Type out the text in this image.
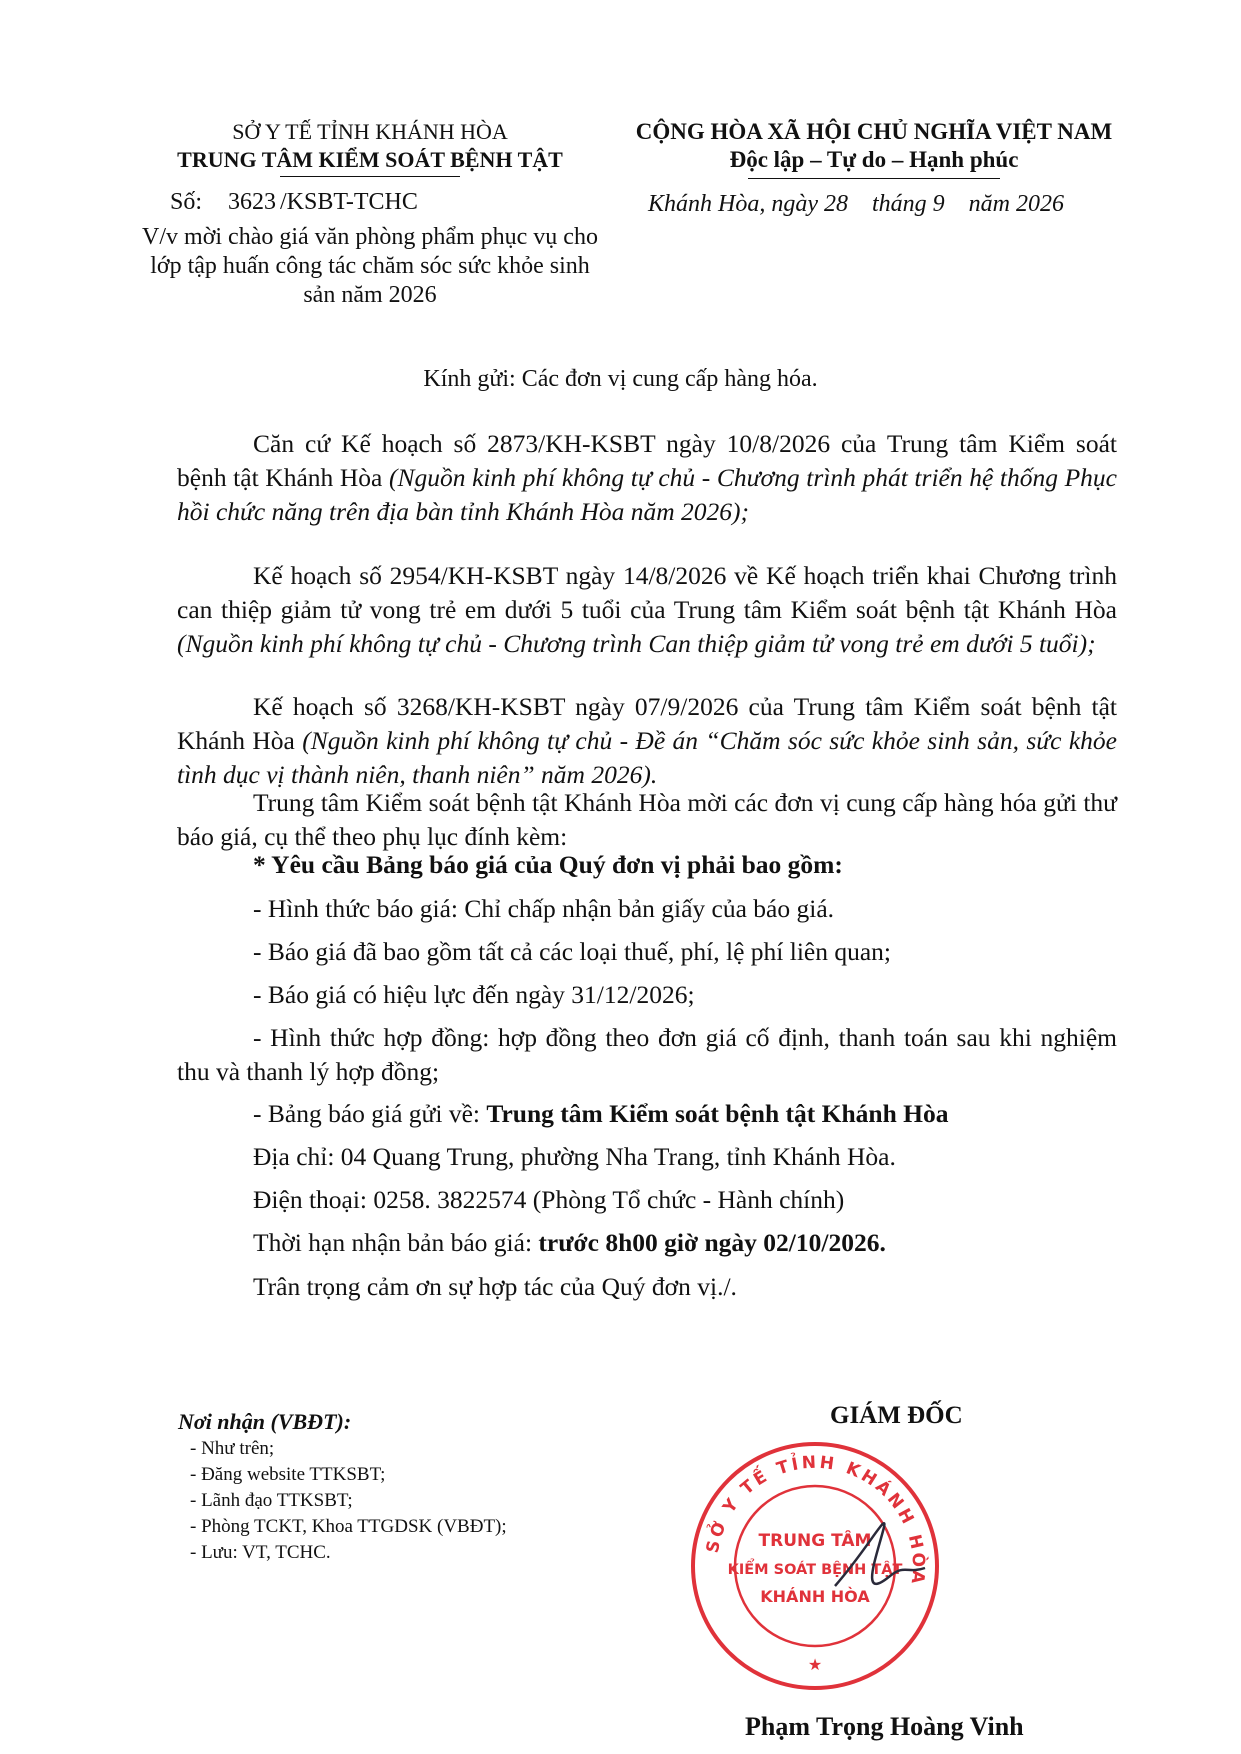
SỞ Y TẾ TỈNH KHÁNH HÒA
TRUNG TÂM KIỂM SOÁT BỆNH TẬT
Số: 3623 /KSBT-TCHC
V/v mời chào giá văn phòng phẩm phục vụ cho lớp tập huấn công tác chăm sóc sức khỏe sinh sản năm 2026
CỘNG HÒA XÃ HỘI CHỦ NGHĨA VIỆT NAM
Độc lập – Tự do – Hạnh phúc
Khánh Hòa, ngày 28 tháng 9 năm 2026
Kính gửi: Các đơn vị cung cấp hàng hóa.
Căn cứ Kế hoạch số 2873/KH-KSBT ngày 10/8/2026 của Trung tâm Kiểm soát bệnh tật Khánh Hòa (Nguồn kinh phí không tự chủ - Chương trình phát triển hệ thống Phục hồi chức năng trên địa bàn tỉnh Khánh Hòa năm 2026);
Kế hoạch số 2954/KH-KSBT ngày 14/8/2026 về Kế hoạch triển khai Chương trình can thiệp giảm tử vong trẻ em dưới 5 tuổi của Trung tâm Kiểm soát bệnh tật Khánh Hòa (Nguồn kinh phí không tự chủ - Chương trình Can thiệp giảm tử vong trẻ em dưới 5 tuổi);
Kế hoạch số 3268/KH-KSBT ngày 07/9/2026 của Trung tâm Kiểm soát bệnh tật Khánh Hòa (Nguồn kinh phí không tự chủ - Đề án “Chăm sóc sức khỏe sinh sản, sức khỏe tình dục vị thành niên, thanh niên” năm 2026).
Trung tâm Kiểm soát bệnh tật Khánh Hòa mời các đơn vị cung cấp hàng hóa gửi thư báo giá, cụ thể theo phụ lục đính kèm:
* Yêu cầu Bảng báo giá của Quý đơn vị phải bao gồm:
- Hình thức báo giá: Chỉ chấp nhận bản giấy của báo giá.
- Báo giá đã bao gồm tất cả các loại thuế, phí, lệ phí liên quan;
- Báo giá có hiệu lực đến ngày 31/12/2026;
- Hình thức hợp đồng: hợp đồng theo đơn giá cố định, thanh toán sau khi nghiệm thu và thanh lý hợp đồng;
- Bảng báo giá gửi về: Trung tâm Kiểm soát bệnh tật Khánh Hòa
Địa chỉ: 04 Quang Trung, phường Nha Trang, tỉnh Khánh Hòa.
Điện thoại: 0258. 3822574 (Phòng Tổ chức - Hành chính)
Thời hạn nhận bản báo giá: trước 8h00 giờ ngày 02/10/2026.
Trân trọng cảm ơn sự hợp tác của Quý đơn vị./.
Nơi nhận (VBĐT):
- Như trên;
- Đăng website TTKSBT;
- Lãnh đạo TTKSBT;
- Phòng TCKT, Khoa TTGDSK (VBĐT);
- Lưu: VT, TCHC.
GIÁM ĐỐC
SỞ Y TẾ TỈNH KHÁNH HÒA
TRUNG TÂM
KIỂM SOÁT BỆNH TẬT
KHÁNH HÒA
★
Phạm Trọng Hoàng Vinh
